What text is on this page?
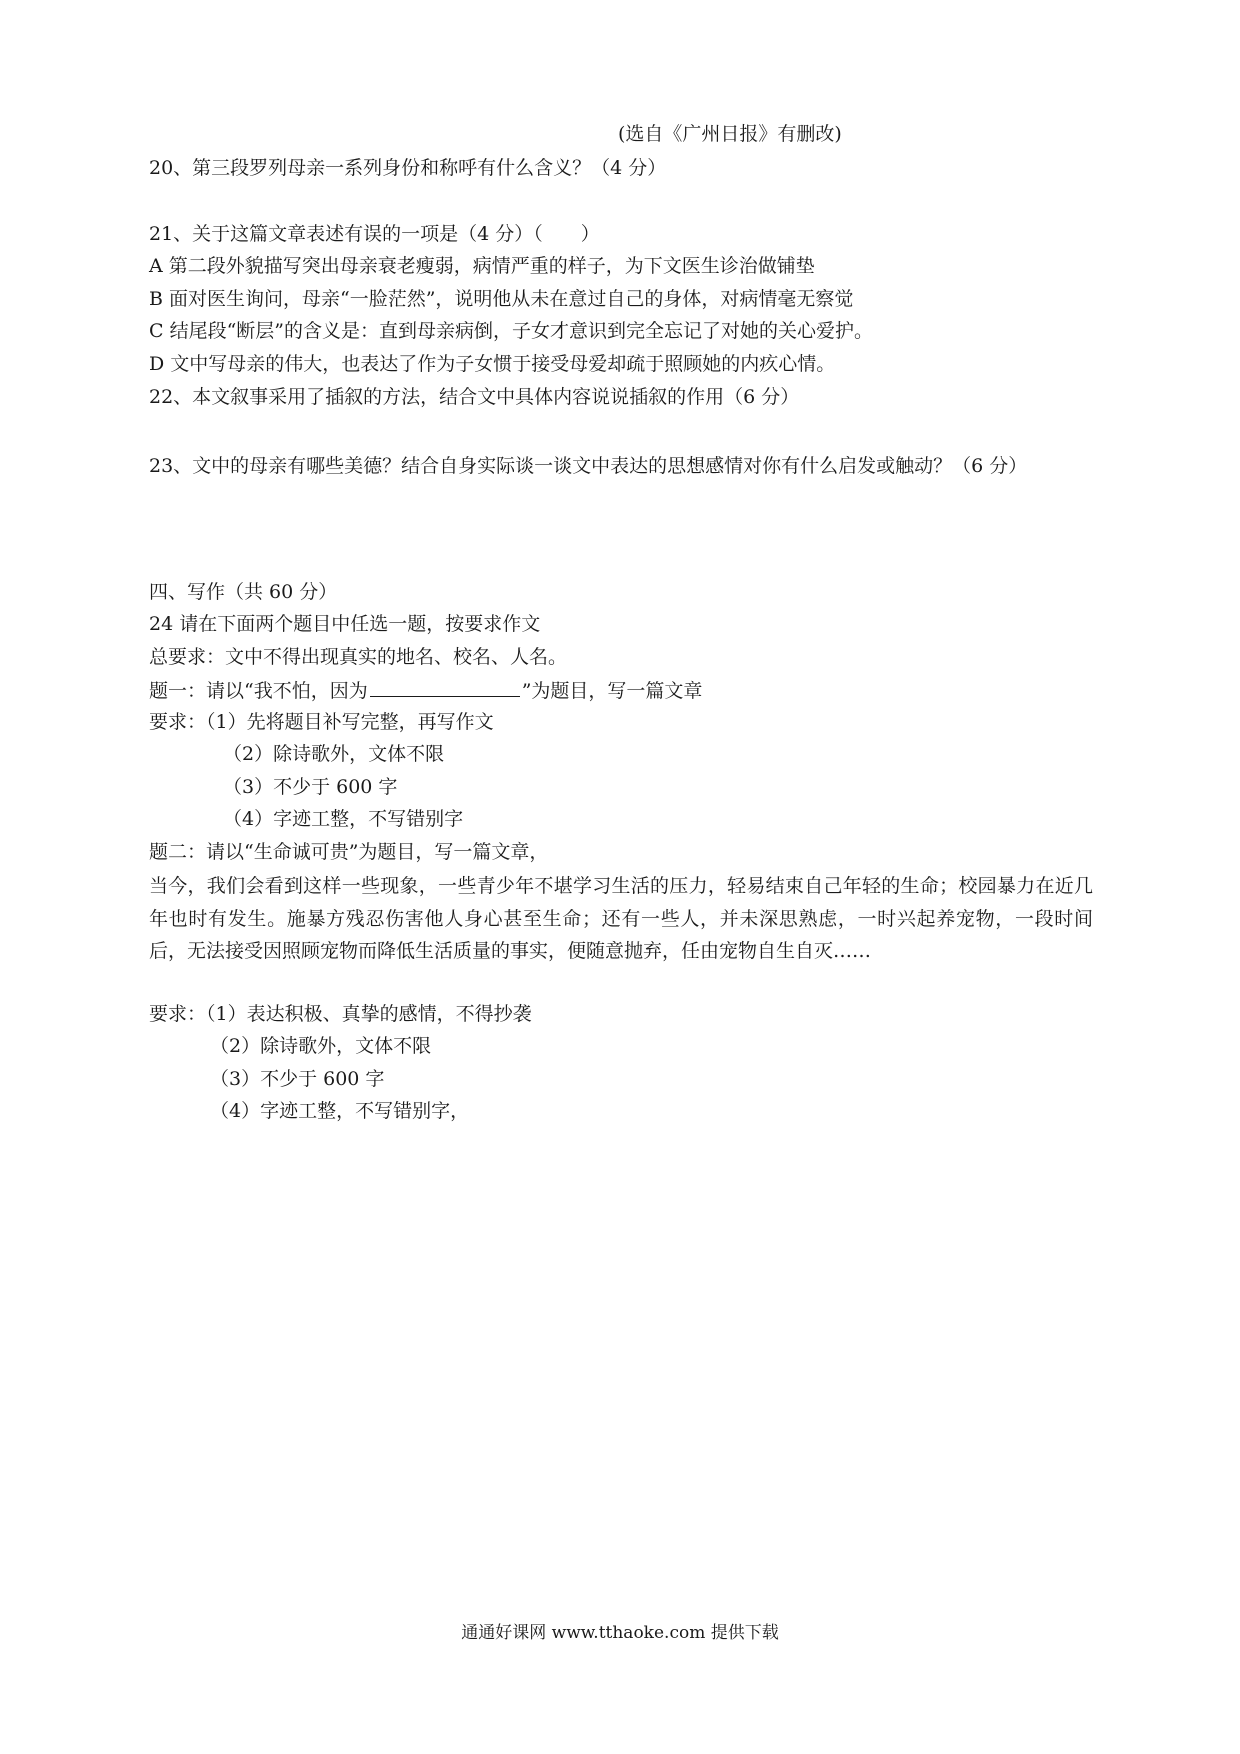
(选自《广州日报》有删改)
20、第三段罗列母亲一系列身份和称呼有什么含义？（4 分）
21、关于这篇文章表述有误的一项是（4 分）（　　）
A 第二段外貌描写突出母亲衰老瘦弱，病情严重的样子，为下文医生诊治做铺垫
B 面对医生询问，母亲“一脸茫然”，说明他从未在意过自己的身体，对病情毫无察觉
C 结尾段“断层”的含义是：直到母亲病倒，子女才意识到完全忘记了对她的关心爱护。
D 文中写母亲的伟大，也表达了作为子女惯于接受母爱却疏于照顾她的内疚心情。
22、本文叙事采用了插叙的方法，结合文中具体内容说说插叙的作用（6 分）
23、文中的母亲有哪些美德？结合自身实际谈一谈文中表达的思想感情对你有什么启发或触动？（6 分）
四、写作（共 60 分）
24 请在下面两个题目中任选一题，按要求作文
总要求：文中不得出现真实的地名、校名、人名。
题一：请以“我不怕，因为	”为题目，写一篇文章
要求：（1）先将题目补写完整，再写作文
（2）除诗歌外，文体不限
（3）不少于 600 字
（4）字迹工整，不写错别字
题二：请以“生命诚可贵”为题目，写一篇文章，
当今，我们会看到这样一些现象，一些青少年不堪学习生活的压力，轻易结束自己年轻的生命；校园暴力在近几年也时有发生。施暴方残忍伤害他人身心甚至生命；还有一些人，并未深思熟虑，一时兴起养宠物，一段时间后，无法接受因照顾宠物而降低生活质量的事实，便随意抛弃，任由宠物自生自灭……
要求：（1）表达积极、真挚的感情，不得抄袭
（2）除诗歌外，文体不限
（3）不少于 600 字
（4）字迹工整，不写错别字，
通通好课网 www.tthaoke.com 提供下载
